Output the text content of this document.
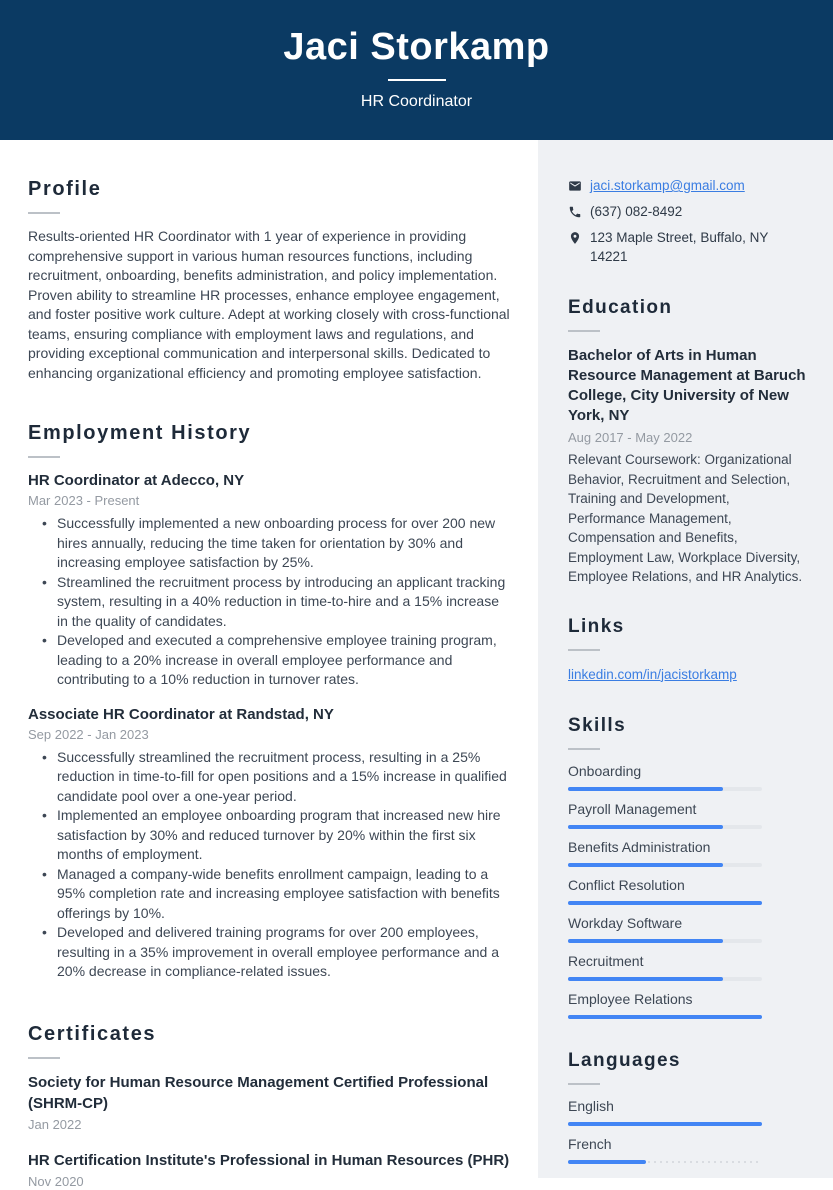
Jaci Storkamp
HR Coordinator
Profile

Results-oriented HR Coordinator with 1 year of experience in providing comprehensive support in various human resources functions, including recruitment, onboarding, benefits administration, and policy implementation. Proven ability to streamline HR processes, enhance employee engagement, and foster positive work culture. Adept at working closely with cross-functional teams, ensuring compliance with employment laws and regulations, and providing exceptional communication and interpersonal skills. Dedicated to enhancing organizational efficiency and promoting employee satisfaction.

Employment History
HR Coordinator at Adecco, NY
Mar 2023 - Present
• Successfully implemented a new onboarding process for over 200 new hires annually, reducing the time taken for orientation by 30% and increasing employee satisfaction by 25%.
• Streamlined the recruitment process by introducing an applicant tracking system, resulting in a 40% reduction in time-to-hire and a 15% increase in the quality of candidates.
• Developed and executed a comprehensive employee training program, leading to a 20% increase in overall employee performance and contributing to a 10% reduction in turnover rates.
Associate HR Coordinator at Randstad, NY
Sep 2022 - Jan 2023
• Successfully streamlined the recruitment process, resulting in a 25% reduction in time-to-fill for open positions and a 15% increase in qualified candidate pool over a one-year period.
• Implemented an employee onboarding program that increased new hire satisfaction by 30% and reduced turnover by 20% within the first six months of employment.
• Managed a company-wide benefits enrollment campaign, leading to a 95% completion rate and increasing employee satisfaction with benefits offerings by 10%.
• Developed and delivered training programs for over 200 employees, resulting in a 35% improvement in overall employee performance and a 20% decrease in compliance-related issues.
Certificates
Society for Human Resource Management Certified Professional (SHRM-CP)
Jan 2022
HR Certification Institute's Professional in Human Resources (PHR)
Nov 2020
jaci.storkamp@gmail.com
(637) 082-8492
123 Maple Street, Buffalo, NY 14221
Education
Bachelor of Arts in Human Resource Management at Baruch College, City University of New York, NY
Aug 2017 - May 2022
Relevant Coursework: Organizational Behavior, Recruitment and Selection, Training and Development, Performance Management, Compensation and Benefits, Employment Law, Workplace Diversity, Employee Relations, and HR Analytics.
Links
linkedin.com/in/jacistorkamp
Skills
Onboarding
Payroll Management
Benefits Administration
Conflict Resolution
Workday Software
Recruitment
Employee Relations
Languages
English
French
